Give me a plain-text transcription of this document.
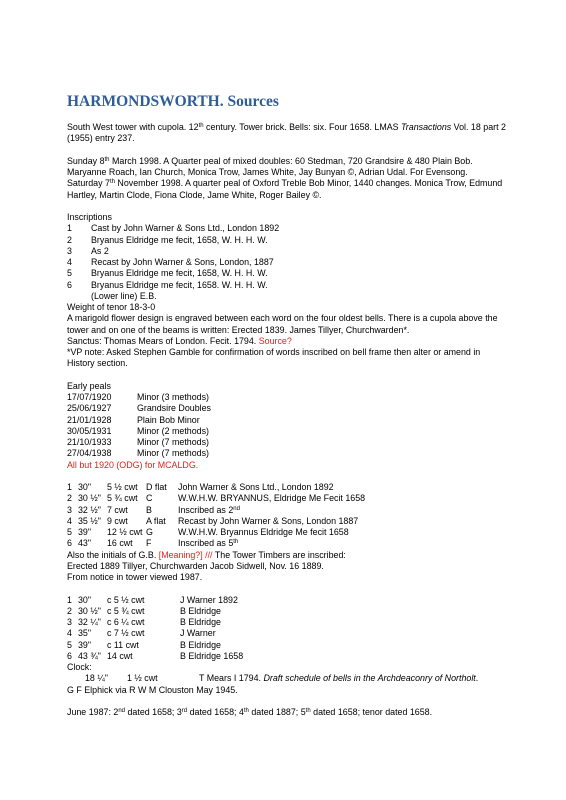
HARMONDSWORTH. Sources

South West tower with cupola. 12th century. Tower brick. Bells: six. Four 1658. LMAS Transactions Vol. 18 part 2 (1955) entry 237.

Sunday 8th March 1998. A Quarter peal of mixed doubles: 60 Stedman, 720 Grandsire & 480 Plain Bob. Maryanne Roach, Ian Church, Monica Trow, James White, Jay Bunyan ©, Adrian Udal. For Evensong.

Saturday 7th November 1998. A quarter peal of Oxford Treble Bob Minor, 1440 changes. Monica Trow, Edmund Hartley, Martin Clode, Fiona Clode, Jame White, Roger Bailey ©.

Inscriptions

1	Cast by John Warner & Sons Ltd., London 1892
2	Bryanus Eldridge me fecit, 1658, W. H. H. W.
3	As 2
4	Recast by John Warner & Sons, London, 1887
5	Bryanus Eldridge me fecit, 1658, W. H. H. W.
6	Bryanus Eldridge me fecit, 1658. W. H. H. W.

(Lower line) E.B.

Weight of tenor 18-3-0

A marigold flower design is engraved between each word on the four oldest bells. There is a cupola above the tower and on one of the beams is written: Erected 1839. James Tillyer, Churchwarden*.

Sanctus: Thomas Mears of London. Fecit. 1794. Source?

*VP note: Asked Stephen Gamble for confirmation of words inscribed on bell frame then alter or amend in History section.

Early peals

17/07/1920	Minor (3 methods)
25/06/1927	Grandsire Doubles
21/01/1928	Plain Bob Minor
30/05/1931	Minor (2 methods)
21/10/1933	Minor (7 methods)
27/04/1938	Minor (7 methods)

All but 1920 (ODG) for MCALDG.

1 30"	5 ½ cwt D flat	John Warner & Sons Ltd., London 1892
2 30 ½" 5 ¾ cwt C	W.W.H.W. BRYANNUS, Eldridge Me Fecit 1658
3 32 ½" 7 cwt	B	Inscribed as 2nd
4 35 ½" 9 cwt	A flat	Recast by John Warner & Sons, London 1887
5 39"	12 ½ cwt G	W.W.H.W. Bryannus Eldridge Me fecit 1658
6 43"	16 cwt	F	Inscribed as 5th

Also the initials of G.B. [Meaning?] /// The Tower Timbers are inscribed:

Erected 1889 Tillyer, Churchwarden Jacob Sidwell, Nov. 16 1889.

From notice in tower viewed 1987.

1 30"	c 5 ½ cwt	J Warner 1892
2 30 ½" c 5 ¾ cwt	B Eldridge
3 32 ¼" c 6 ¼ cwt	B Eldridge
4 35"	c 7 ½ cwt	J Warner
5 39"	c 11 cwt	B Eldridge
6 43 ¾" 14 cwt	B Eldridge 1658

Clock:

18 ¼"	1 ½ cwt	T Mears I 1794. Draft schedule of bells in the Archdeaconry of Northolt.

G F Elphick via R W M Clouston May 1945.

June 1987: 2nd dated 1658; 3rd dated 1658; 4th dated 1887; 5th dated 1658; tenor dated 1658.
